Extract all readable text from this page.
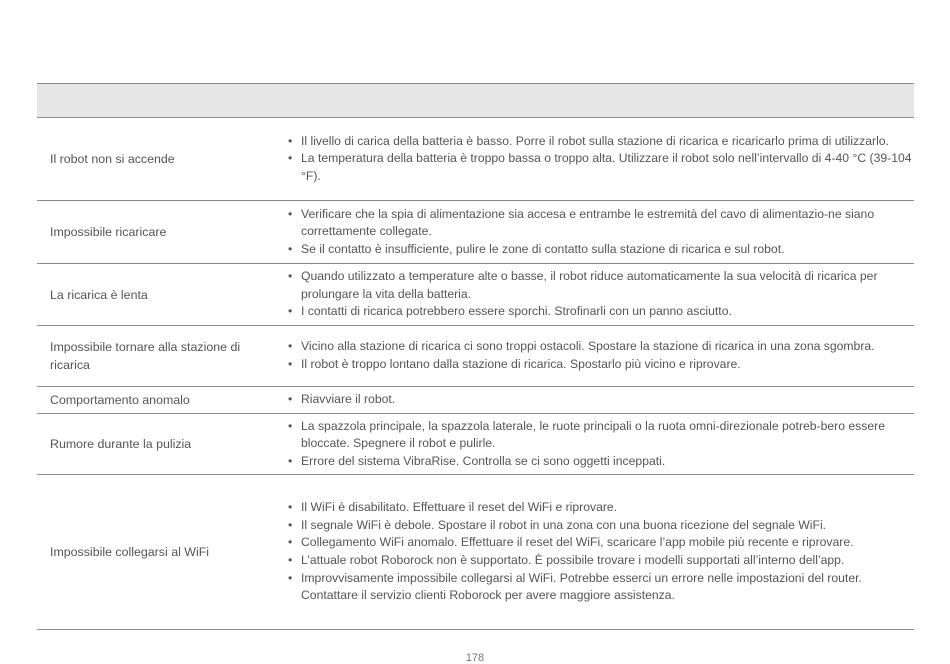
Il robot non si accende
• Il livello di carica della batteria è basso. Porre il robot sulla stazione di ricarica e ricaricarlo prima di utilizzarlo.
• La temperatura della batteria è troppo bassa o troppo alta. Utilizzare il robot solo nell’intervallo di 4-40 °C (39-104 °F).
Impossibile ricaricare
• Verificare che la spia di alimentazione sia accesa e entrambe le estremità del cavo di alimentazio-ne siano correttamente collegate.
• Se il contatto è insufficiente, pulire le zone di contatto sulla stazione di ricarica e sul robot.
La ricarica è lenta
• Quando utilizzato a temperature alte o basse, il robot riduce automaticamente la sua velocità di ricarica per prolungare la vita della batteria.
• I contatti di ricarica potrebbero essere sporchi. Strofinarli con un panno asciutto.
Impossibile tornare alla stazione di ricarica
• Vicino alla stazione di ricarica ci sono troppi ostacoli. Spostare la stazione di ricarica in una zona sgombra.
• Il robot è troppo lontano dalla stazione di ricarica. Spostarlo più vicino e riprovare.
Comportamento anomalo
•	Riavviare il robot.
Rumore durante la pulizia
• La spazzola principale, la spazzola laterale, le ruote principali o la ruota omni-direzionale potreb-bero essere bloccate. Spegnere il robot e pulirle.
• Errore del sistema VibraRise. Controlla se ci sono oggetti inceppati.
Impossibile collegarsi al WiFi
• Il WiFi è disabilitato. Effettuare il reset del WiFi e riprovare.
• Il segnale WiFi è debole. Spostare il robot in una zona con una buona ricezione del segnale WiFi.
• Collegamento WiFi anomalo. Effettuare il reset del WiFi, scaricare l’app mobile più recente e riprovare.
• L’attuale robot Roborock non è supportato. È possibile trovare i modelli supportati all’interno dell’app.
• Improvvisamente impossibile collegarsi al WiFi. Potrebbe esserci un errore nelle impostazioni del router. Contattare il servizio clienti Roborock per avere maggiore assistenza.
178
